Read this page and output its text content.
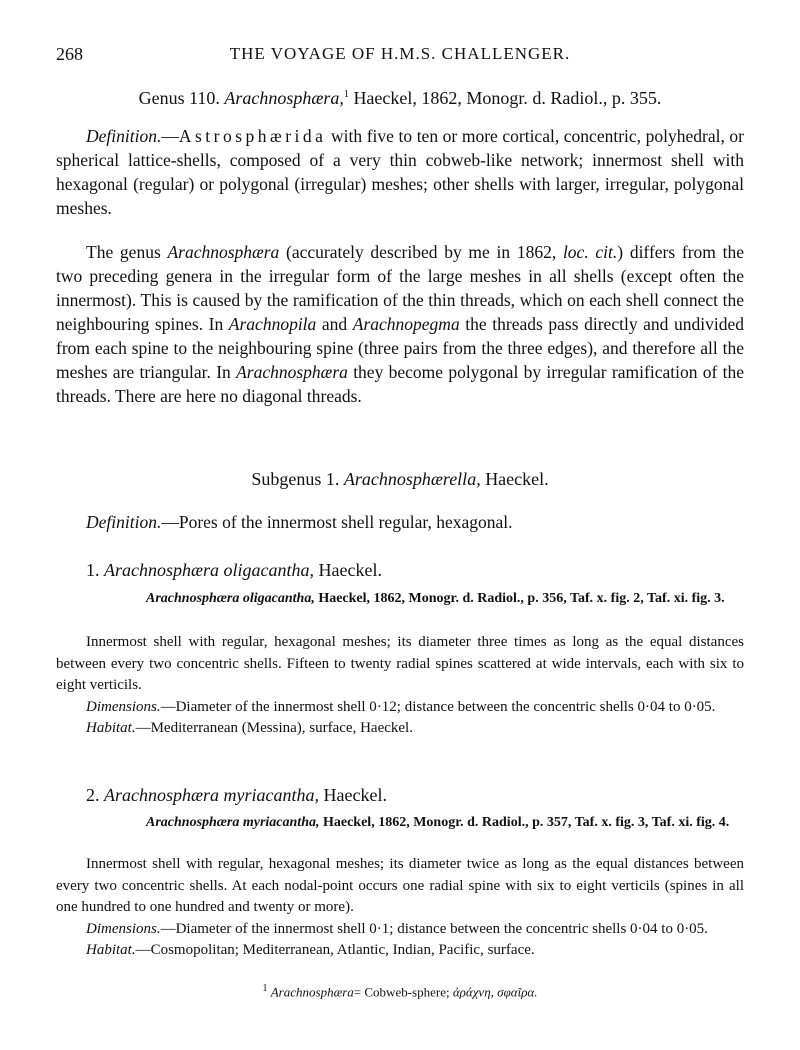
268	THE VOYAGE OF H.M.S. CHALLENGER.
Genus 110. Arachnosphæra,$^1$ Haeckel, 1862, Monogr. d. Radiol., p. 355.

Definition.—Astrosphærida with five to ten or more cortical, concentric, polyhedral, or spherical lattice-shells, composed of a very thin cobweb-like network; innermost shell with hexagonal (regular) or polygonal (irregular) meshes; other shells with larger, irregular, polygonal meshes.

The genus Arachnosphæra (accurately described by me in 1862, loc. cit.) differs from the two preceding genera in the irregular form of the large meshes in all shells (except often the innermost). This is caused by the ramification of the thin threads, which on each shell connect the neighbouring spines. In Arachnopila and Arachnopegma the threads pass directly and undivided from each spine to the neighbouring spine (three pairs from the three edges), and therefore all the meshes are triangular. In Arachnosphæra they become polygonal by irregular ramification of the threads. There are here no diagonal threads.

Subgenus 1. Arachnosphærella, Haeckel.

Definition.—Pores of the innermost shell regular, hexagonal.

1. Arachnosphæra oligacantha, Haeckel.
Arachnosphæra oligacantha, Haeckel, 1862, Monogr. d. Radiol., p. 356, Taf. x. fig. 2, Taf. xi. fig. 3.

Innermost shell with regular, hexagonal meshes; its diameter three times as long as the equal distances between every two concentric shells. Fifteen to twenty radial spines scattered at wide intervals, each with six to eight verticils.

Dimensions.—Diameter of the innermost shell 0·12; distance between the concentric shells 0·04 to 0·05.

Habitat.—Mediterranean (Messina), surface, Haeckel.

2. Arachnosphæra myriacantha, Haeckel.
Arachnosphæra myriacantha, Haeckel, 1862, Monogr. d. Radiol., p. 357, Taf. x. fig. 3, Taf. xi. fig. 4.

Innermost shell with regular, hexagonal meshes; its diameter twice as long as the equal distances between every two concentric shells. At each nodal-point occurs one radial spine with six to eight verticils (spines in all one hundred to one hundred and twenty or more).

Dimensions.—Diameter of the innermost shell 0·1; distance between the concentric shells 0·04 to 0·05.

Habitat.—Cosmopolitan; Mediterranean, Atlantic, Indian, Pacific, surface.

$^1$ Arachnosphæra= Cobweb-sphere; ἀράχνη, σφαῖρα.
